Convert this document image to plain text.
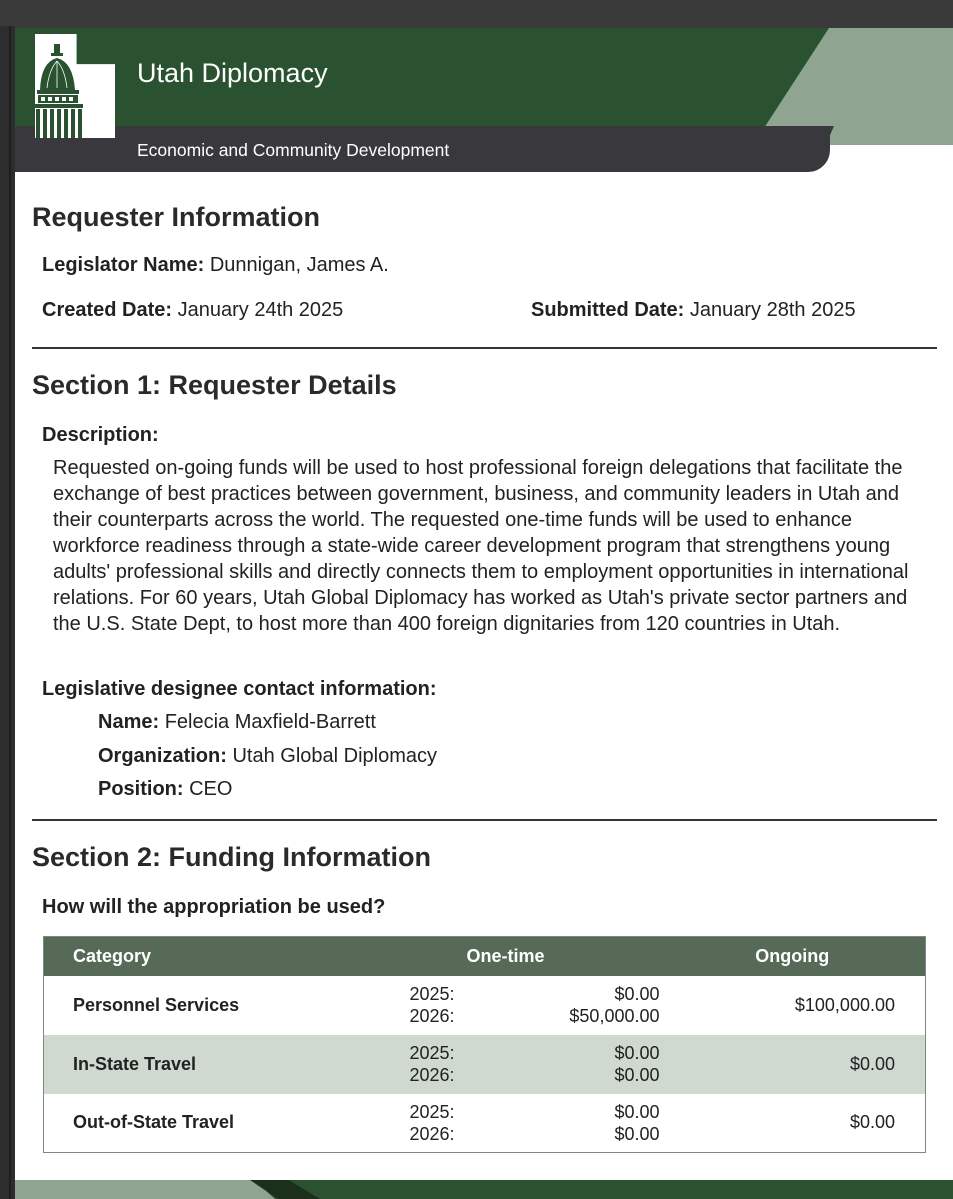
Utah Diplomacy
Economic and Community Development
Requester Information
Legislator Name: Dunnigan, James A.
Created Date: January 24th 2025	Submitted Date: January 28th 2025
Section 1: Requester Details
Description:
Requested on-going funds will be used to host professional foreign delegations that facilitate the exchange of best practices between government, business, and community leaders in Utah and their counterparts across the world. The requested one-time funds will be used to enhance workforce readiness through a state-wide career development program that strengthens young adults' professional skills and directly connects them to employment opportunities in international relations. For 60 years, Utah Global Diplomacy has worked as Utah's private sector partners and the U.S. State Dept, to host more than 400 foreign dignitaries from 120 countries in Utah.
Legislative designee contact information:
Name: Felecia Maxfield-Barrett
Organization: Utah Global Diplomacy
Position: CEO
Section 2: Funding Information
How will the appropriation be used?
Category	One-time	Ongoing
Personnel Services	2025: $0.00
2026: $50,000.00	$100,000.00
In-State Travel	2025: $0.00
2026: $0.00	$0.00
Out-of-State Travel	2025: $0.00
2026: $0.00	$0.00
